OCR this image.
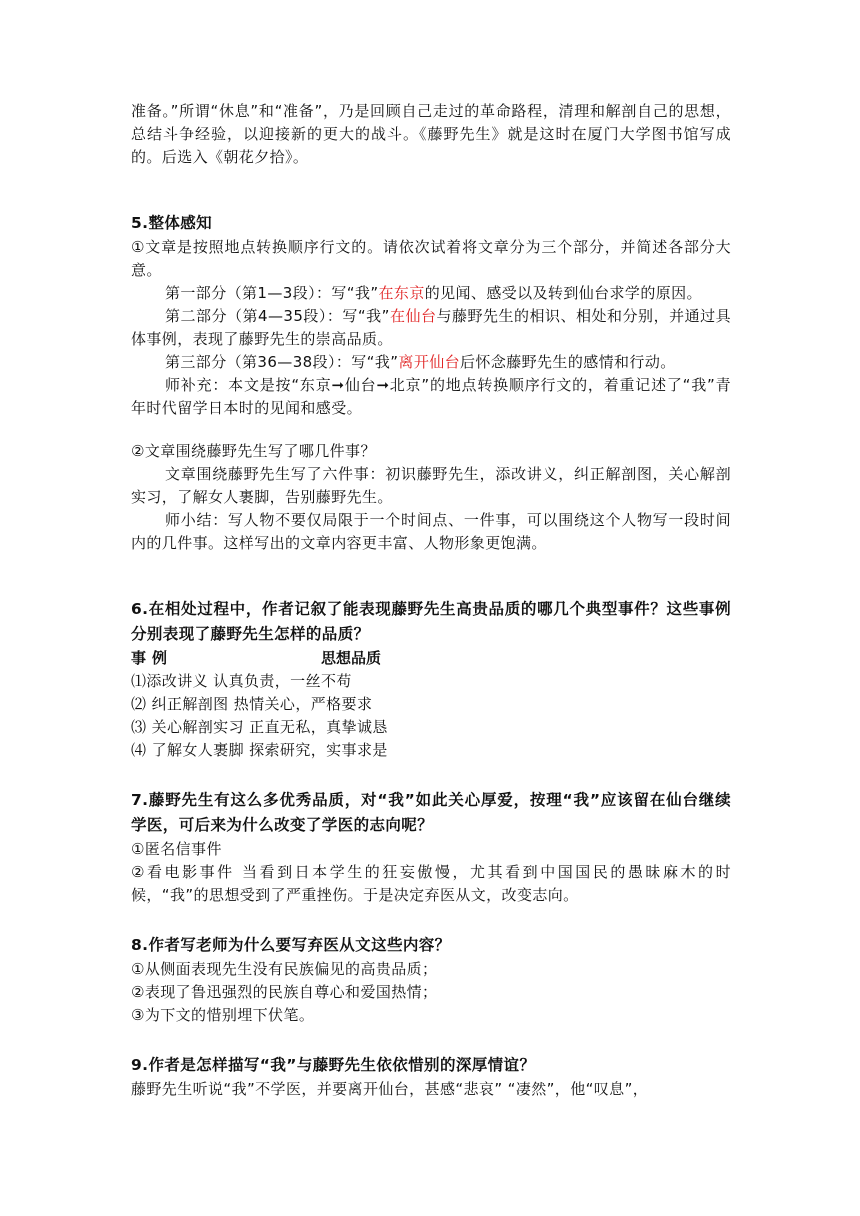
准备。”所谓“休息”和“准备”，乃是回顾自己走过的革命路程，清理和解剖自己的思想，总结斗争经验，以迎接新的更大的战斗。《藤野先生》就是这时在厦门大学图书馆写成的。后选入《朝花夕拾》。

5.整体感知

①文章是按照地点转换顺序行文的。请依次试着将文章分为三个部分，并简述各部分大意。

第一部分（第1—3段）：写“我”在东京的见闻、感受以及转到仙台求学的原因。

第二部分（第4—35段）：写“我”在仙台与藤野先生的相识、相处和分别，并通过具体事例，表现了藤野先生的崇高品质。

第三部分（第36—38段）：写“我”离开仙台后怀念藤野先生的感情和行动。

师补充：本文是按“东京➞仙台➞北京”的地点转换顺序行文的，着重记述了“我”青年时代留学日本时的见闻和感受。

②文章围绕藤野先生写了哪几件事？

文章围绕藤野先生写了六件事：初识藤野先生，添改讲义，纠正解剖图，关心解剖实习，了解女人裹脚，告别藤野先生。

师小结：写人物不要仅局限于一个时间点、一件事，可以围绕这个人物写一段时间内的几件事。这样写出的文章内容更丰富、人物形象更饱满。

6.在相处过程中，作者记叙了能表现藤野先生高贵品质的哪几个典型事件？这些事例分别表现了藤野先生怎样的品质？

事例	思想品质

⑴添改讲义 认真负责，一丝不苟

⑵ 纠正解剖图 热情关心，严格要求

⑶ 关心解剖实习 正直无私，真挚诚恳

⑷ 了解女人裹脚 探索研究，实事求是

7.藤野先生有这么多优秀品质，对“我”如此关心厚爱，按理“我”应该留在仙台继续学医，可后来为什么改变了学医的志向呢？

①匿名信事件

②看电影事件 当看到日本学生的狂妄傲慢，尤其看到中国国民的愚昧麻木的时候，“我”的思想受到了严重挫伤。于是决定弃医从文，改变志向。

8.作者写老师为什么要写弃医从文这些内容？

①从侧面表现先生没有民族偏见的高贵品质；

②表现了鲁迅强烈的民族自尊心和爱国热情；

③为下文的惜别埋下伏笔。

9.作者是怎样描写“我”与藤野先生依依惜别的深厚情谊？

藤野先生听说“我”不学医，并要离开仙台，甚感“悲哀” “凄然”，他“叹息”，
